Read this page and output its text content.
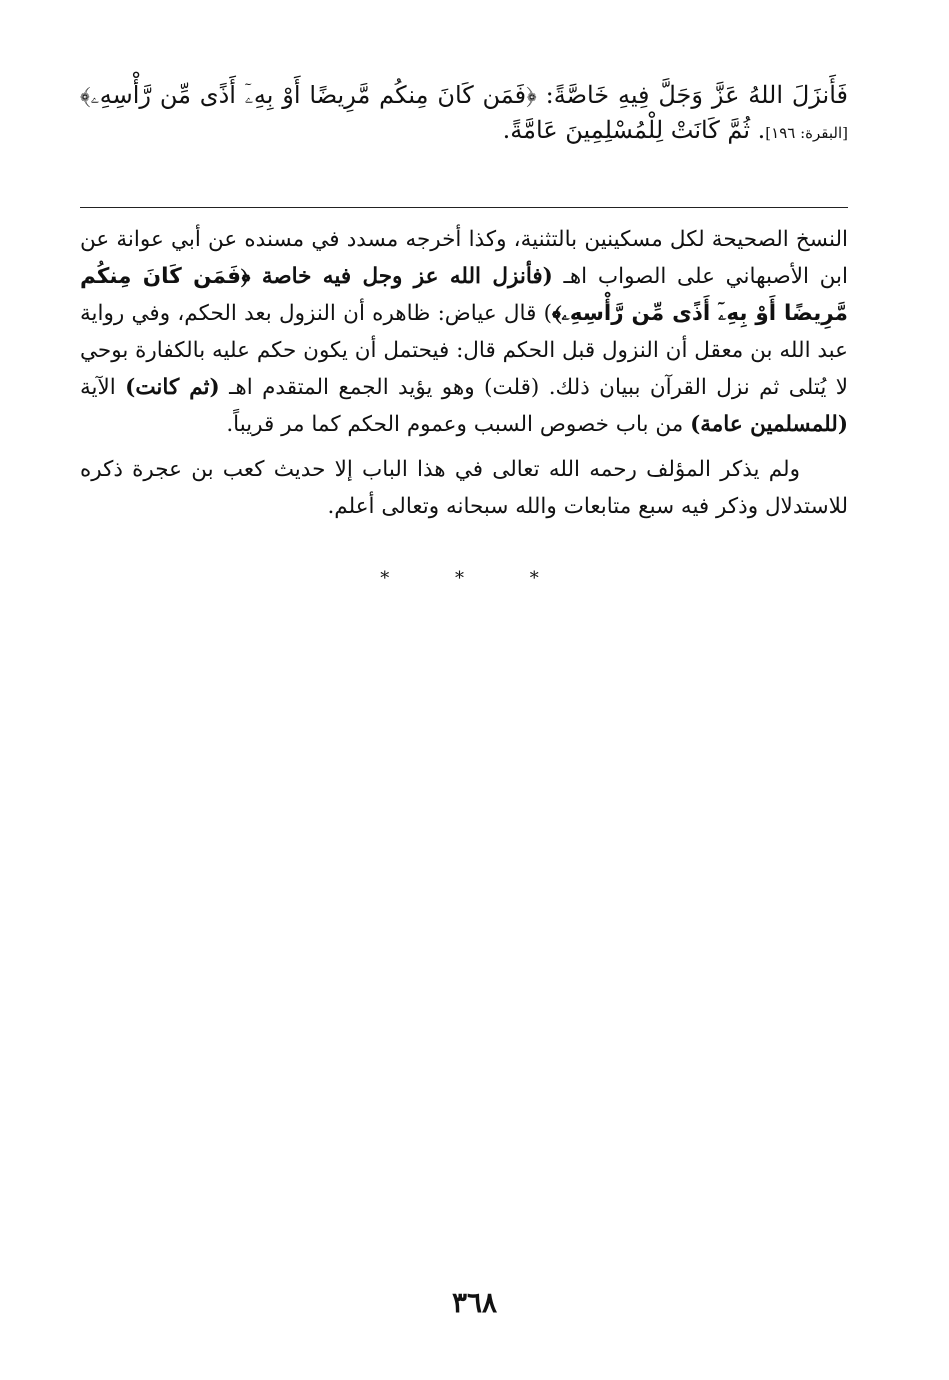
فَأَنزَلَ اللهُ عَزَّ وَجَلَّ فِيهِ خَاصَّةً: ﴿فَمَن كَانَ مِنكُم مَّرِيضًا أَوْ بِهِۦٓ أَذًى مِّن رَّأْسِهِۦ﴾ [البقرة: ١٩٦]. ثُمَّ كَانَتْ لِلْمُسْلِمِينَ عَامَّةً.

النسخ الصحيحة لكل مسكينين بالتثنية، وكذا أخرجه مسدد في مسنده عن أبي عوانة عن ابن الأصبهاني على الصواب اهـ (فأنزل الله عز وجل فيه خاصة ﴿فَمَن كَانَ مِنكُم مَّرِيضًا أَوْ بِهِۦٓ أَذًى مِّن رَّأْسِهِۦ﴾) قال عياض: ظاهره أن النزول بعد الحكم، وفي رواية عبد الله بن معقل أن النزول قبل الحكم قال: فيحتمل أن يكون حكم عليه بالكفارة بوحي لا يُتلى ثم نزل القرآن ببيان ذلك. (قلت) وهو يؤيد الجمع المتقدم اهـ (ثم كانت) الآية (للمسلمين عامة) من باب خصوص السبب وعموم الحكم كما مر قريباً.

ولم يذكر المؤلف رحمه الله تعالى في هذا الباب إلا حديث كعب بن عجرة ذكره للاستدلال وذكر فيه سبع متابعات والله سبحانه وتعالى أعلم.

* * *
٣٦٨
